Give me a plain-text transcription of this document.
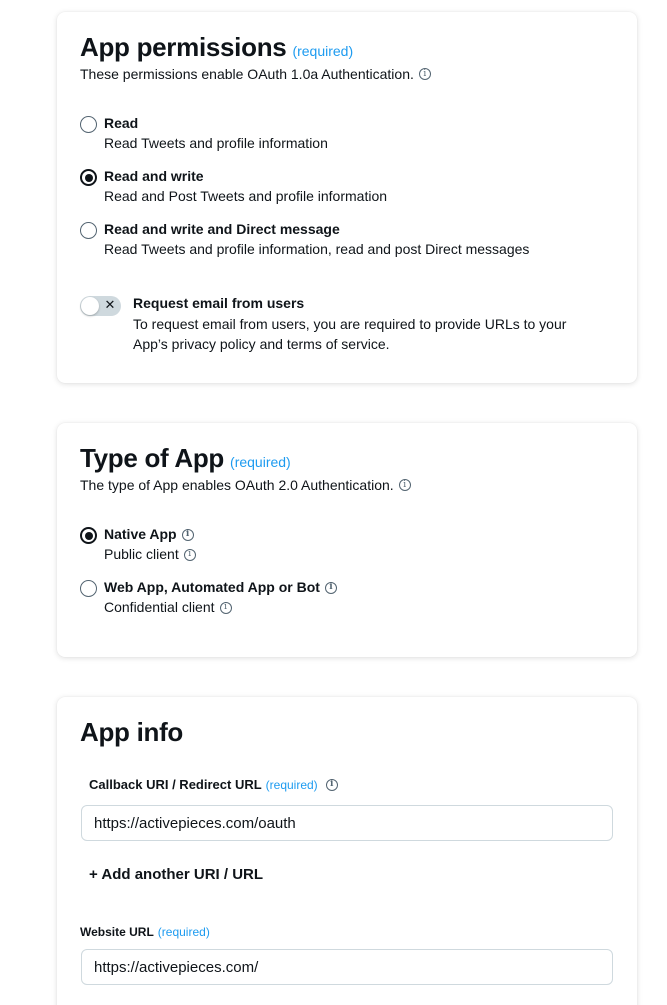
App permissions (required)
These permissions enable OAuth 1.0a Authentication.	i
Read
Read Tweets and profile information
Read and write
Read and Post Tweets and profile information
Read and write and Direct message
Read Tweets and profile information, read and post Direct messages
✕ Request email from users
To request email from users, you are required to provide URLs to your App’s privacy policy and terms of service.
Type of App (required)
The type of App enables OAuth 2.0 Authentication.	i
Native App	i
Public client	i
Web App, Automated App or Bot	i
Confidential client	i
App info
Callback URI / Redirect URL (required)	i
https://activepieces.com/oauth
+ Add another URI / URL
Website URL (required)
https://activepieces.com/
